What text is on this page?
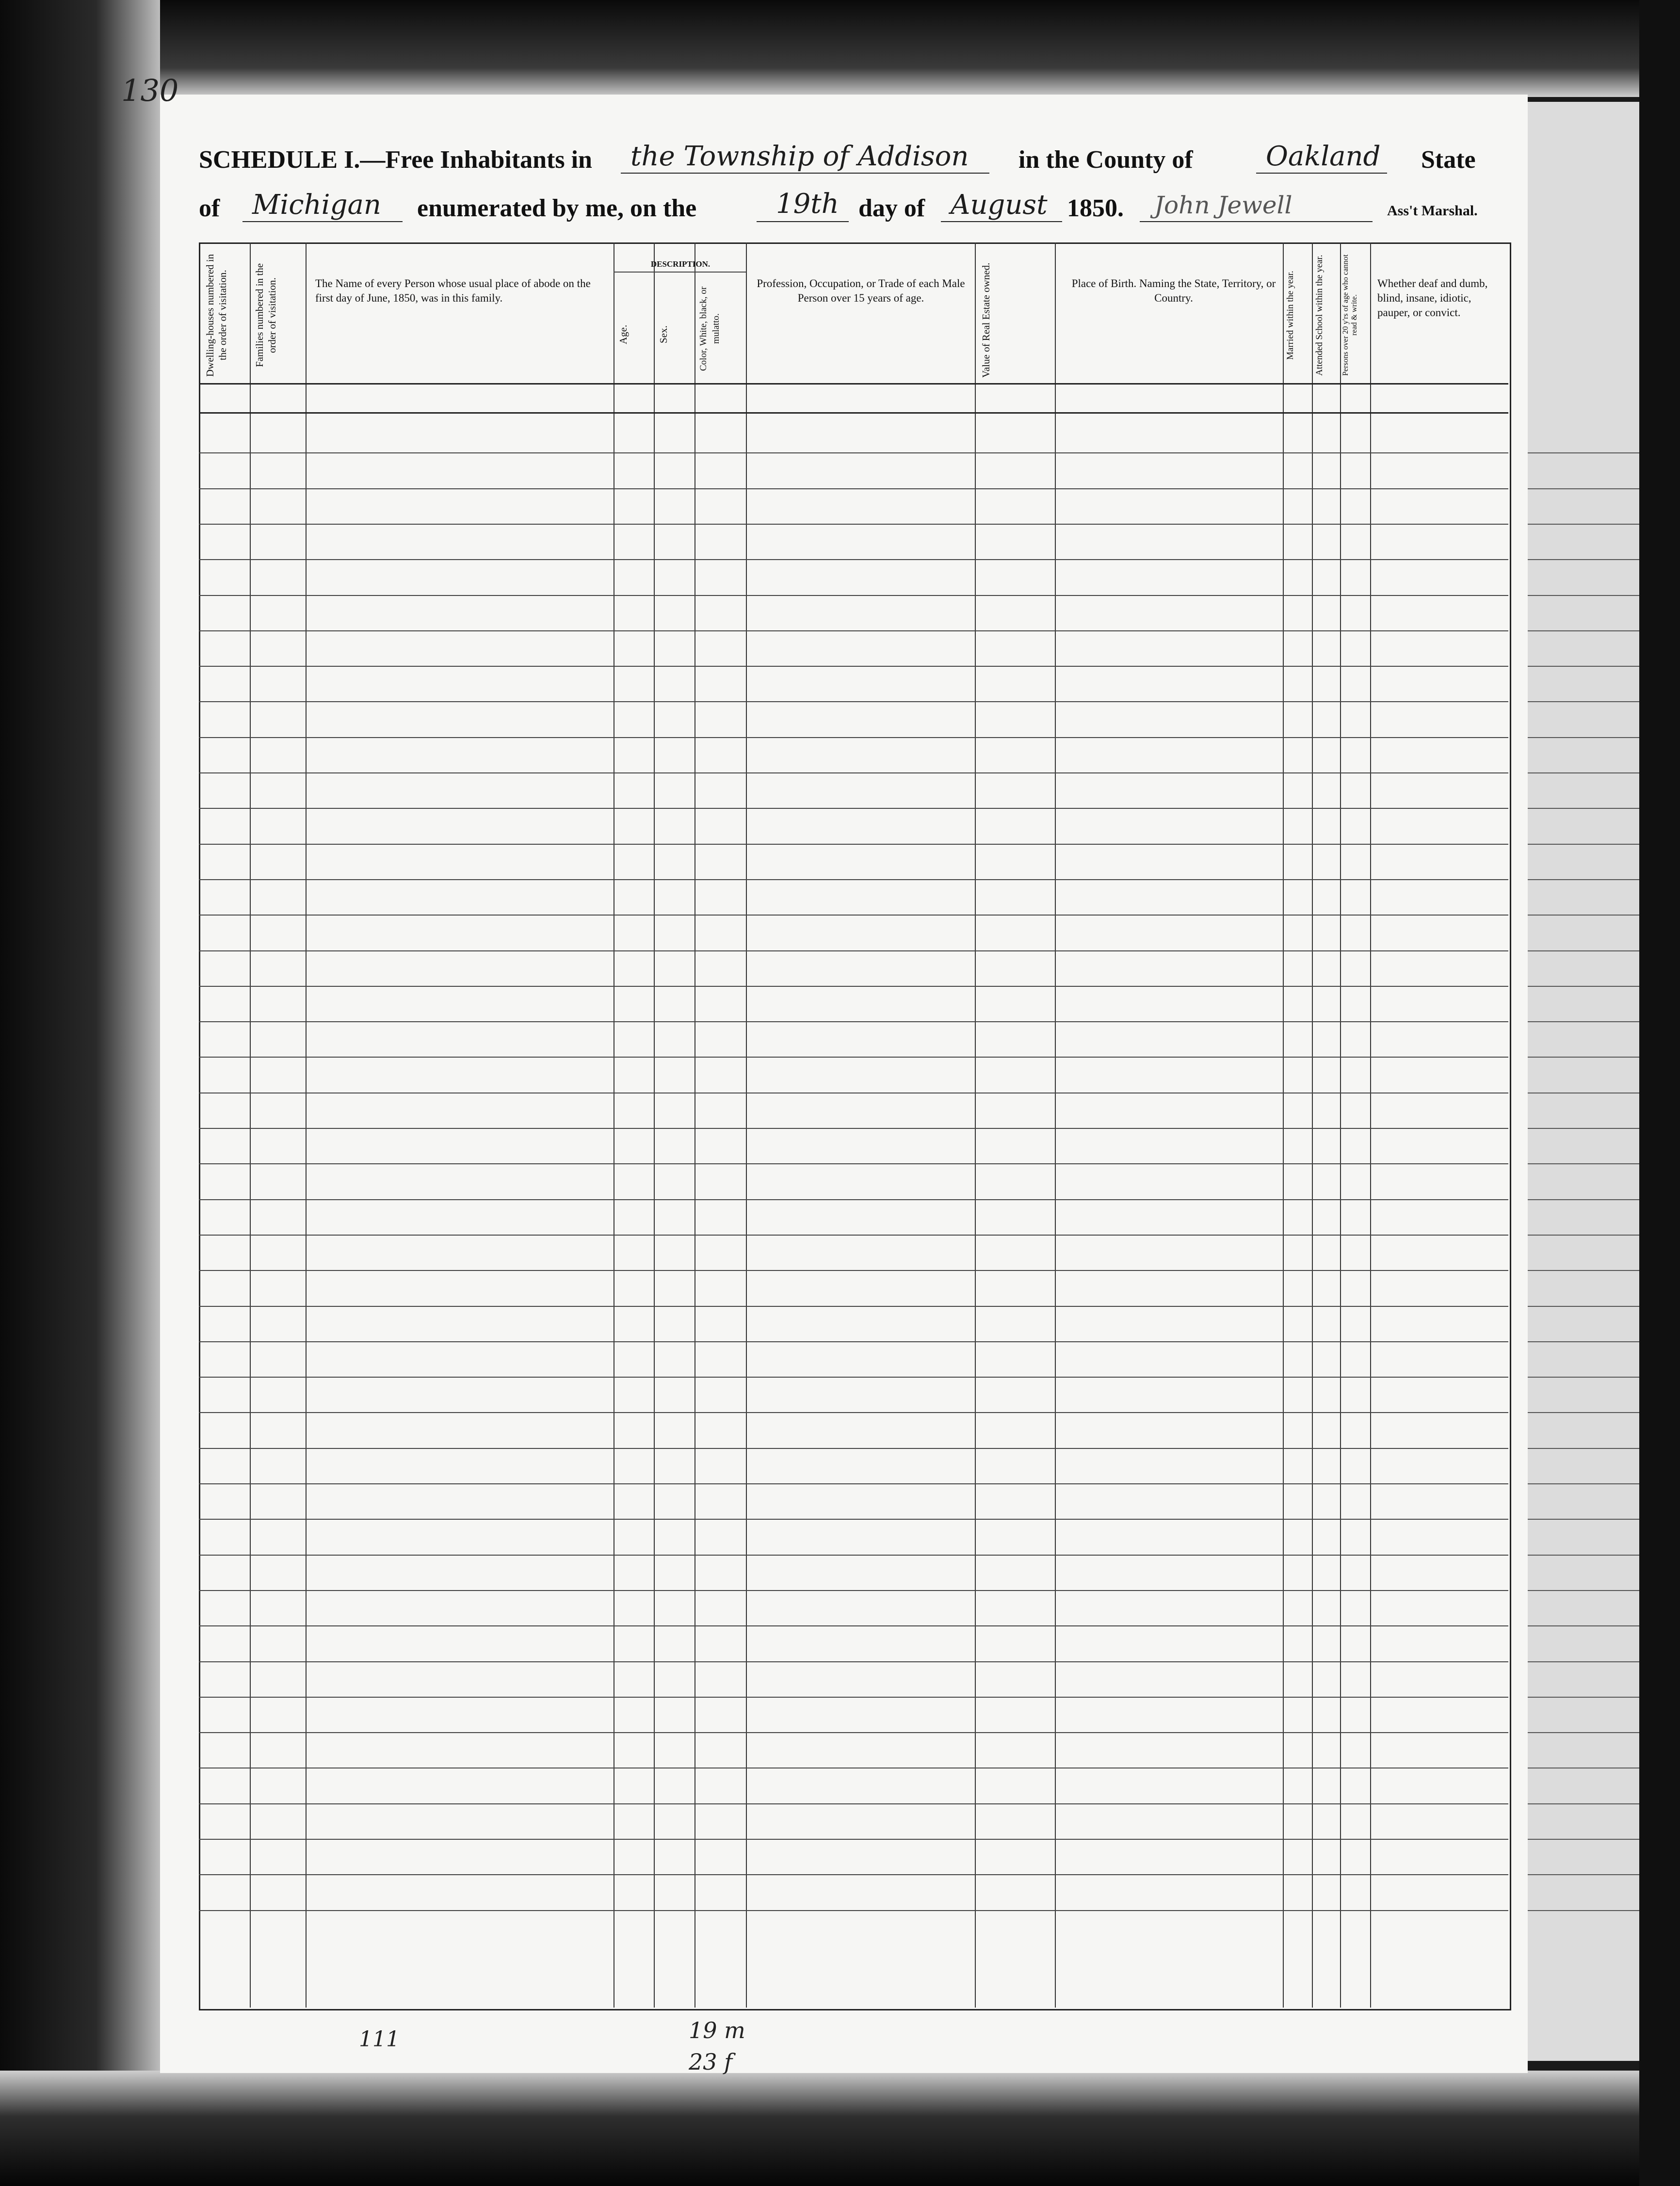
130
SCHEDULE I.—Free Inhabitants in the Township of Addison in the County of	Oakland State
of Michigan enumerated by me, on the	19th day of August 1850. John Jewell	Ass't Marshal.
Dwelling-houses numbered in the order of visitation.	Families numbered in the order of visitation.	The Name of every Person whose usual place of abode on the first day of June, 1850, was in this family.
DESCRIPTION.
Age.	Sex.	Color, White, black, or mulatto.
Profession, Occupation, or Trade of each Male Person over 15 years of age.	Value of Real Estate owned.	Place of Birth. Naming the State, Territory, or Country.	Married within the year.	Attended School within the year.	Persons over 20 y'rs of age who cannot read & write.
Whether deaf and dumb, blind, insane, idiotic, pauper, or convict.
111	19 m
23 f
